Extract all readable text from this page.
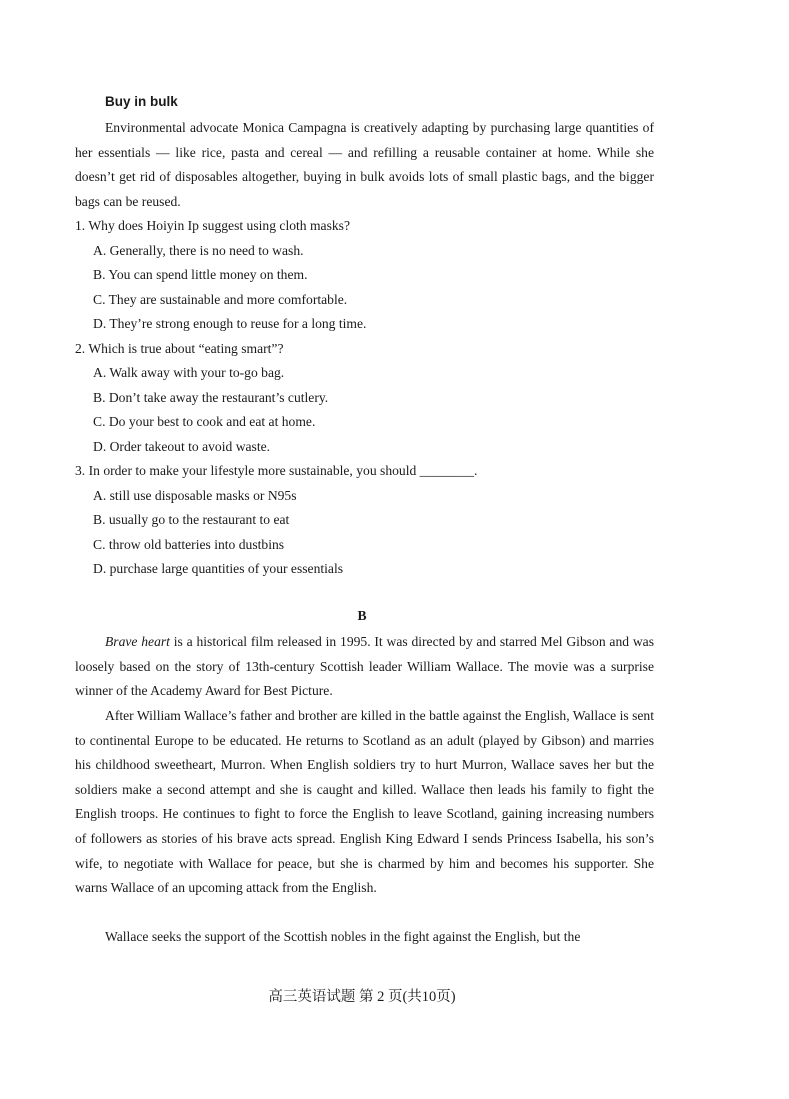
Buy in bulk
Environmental advocate Monica Campagna is creatively adapting by purchasing large quantities of her essentials — like rice, pasta and cereal — and refilling a reusable container at home. While she doesn’t get rid of disposables altogether, buying in bulk avoids lots of small plastic bags, and the bigger bags can be reused.
1. Why does Hoiyin Ip suggest using cloth masks?
A. Generally, there is no need to wash.
B. You can spend little money on them.
C. They are sustainable and more comfortable.
D. They’re strong enough to reuse for a long time.
2. Which is true about “eating smart”?
A. Walk away with your to-go bag.
B. Don’t take away the restaurant’s cutlery.
C. Do your best to cook and eat at home.
D. Order takeout to avoid waste.
3. In order to make your lifestyle more sustainable, you should ________.
A. still use disposable masks or N95s
B. usually go to the restaurant to eat
C. throw old batteries into dustbins
D. purchase large quantities of your essentials
B
Brave heart is a historical film released in 1995. It was directed by and starred Mel Gibson and was loosely based on the story of 13th-century Scottish leader William Wallace. The movie was a surprise winner of the Academy Award for Best Picture.
After William Wallace’s father and brother are killed in the battle against the English, Wallace is sent to continental Europe to be educated. He returns to Scotland as an adult (played by Gibson) and marries his childhood sweetheart, Murron. When English soldiers try to hurt Murron, Wallace saves her but the soldiers make a second attempt and she is caught and killed. Wallace then leads his family to fight the English troops. He continues to fight to force the English to leave Scotland, gaining increasing numbers of followers as stories of his brave acts spread. English King Edward I sends Princess Isabella, his son’s wife, to negotiate with Wallace for peace, but she is charmed by him and becomes his supporter. She warns Wallace of an upcoming attack from the English.
Wallace seeks the support of the Scottish nobles in the fight against the English, but the
高三英语试题 第 2 页(共10页)
